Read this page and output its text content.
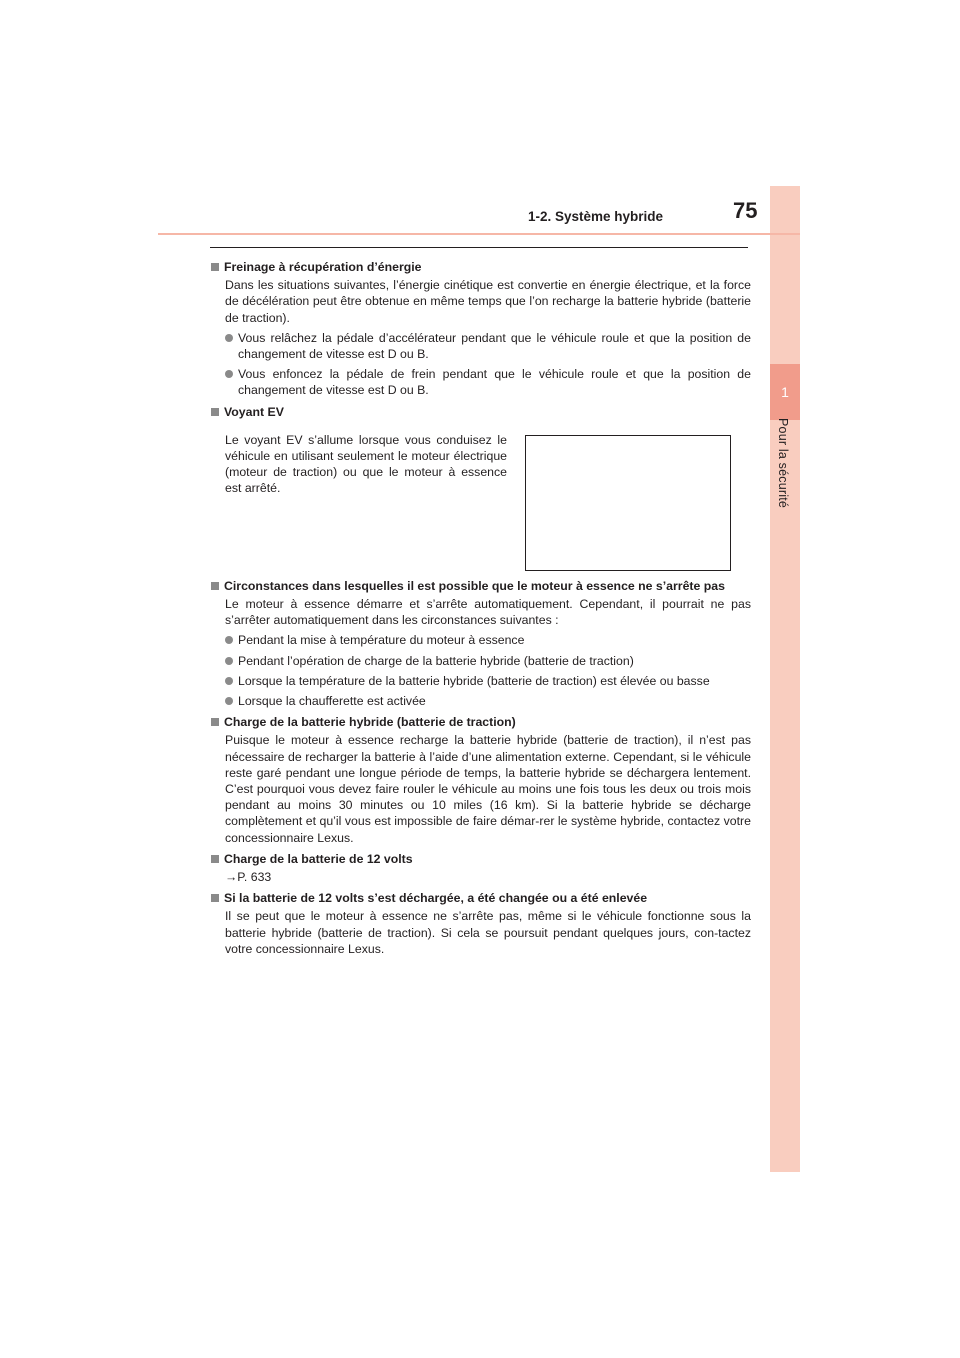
1
Pour la sécurité
1-2. Système hybride	75
Freinage à récupération d’énergie
Dans les situations suivantes, l’énergie cinétique est convertie en énergie électrique, et la force de décélération peut être obtenue en même temps que l’on recharge la batterie hybride (batterie de traction).
Vous relâchez la pédale d’accélérateur pendant que le véhicule roule et que la position de changement de vitesse est D ou B.
Vous enfoncez la pédale de frein pendant que le véhicule roule et que la position de changement de vitesse est D ou B.
Voyant EV
Le voyant EV s’allume lorsque vous conduisez le véhicule en utilisant seulement le moteur électrique (moteur de traction) ou que le moteur à essence est arrêté.
Circonstances dans lesquelles il est possible que le moteur à essence ne s’arrête pas
Le moteur à essence démarre et s’arrête automatiquement. Cependant, il pourrait ne pas s’arrêter automatiquement dans les circonstances suivantes :
Pendant la mise à température du moteur à essence
Pendant l’opération de charge de la batterie hybride (batterie de traction)
Lorsque la température de la batterie hybride (batterie de traction) est élevée ou basse
Lorsque la chaufferette est activée
Charge de la batterie hybride (batterie de traction)
Puisque le moteur à essence recharge la batterie hybride (batterie de traction), il n’est pas nécessaire de recharger la batterie à l’aide d’une alimentation externe. Cependant, si le véhicule reste garé pendant une longue période de temps, la batterie hybride se déchargera lentement. C’est pourquoi vous devez faire rouler le véhicule au moins une fois tous les deux ou trois mois pendant au moins 30 minutes ou 10 miles (16 km). Si la batterie hybride se décharge complètement et qu’il vous est impossible de faire démar-rer le système hybride, contactez votre concessionnaire Lexus.
Charge de la batterie de 12 volts
→P. 633
Si la batterie de 12 volts s’est déchargée, a été changée ou a été enlevée
Il se peut que le moteur à essence ne s’arrête pas, même si le véhicule fonctionne sous la batterie hybride (batterie de traction). Si cela se poursuit pendant quelques jours, con-tactez votre concessionnaire Lexus.
